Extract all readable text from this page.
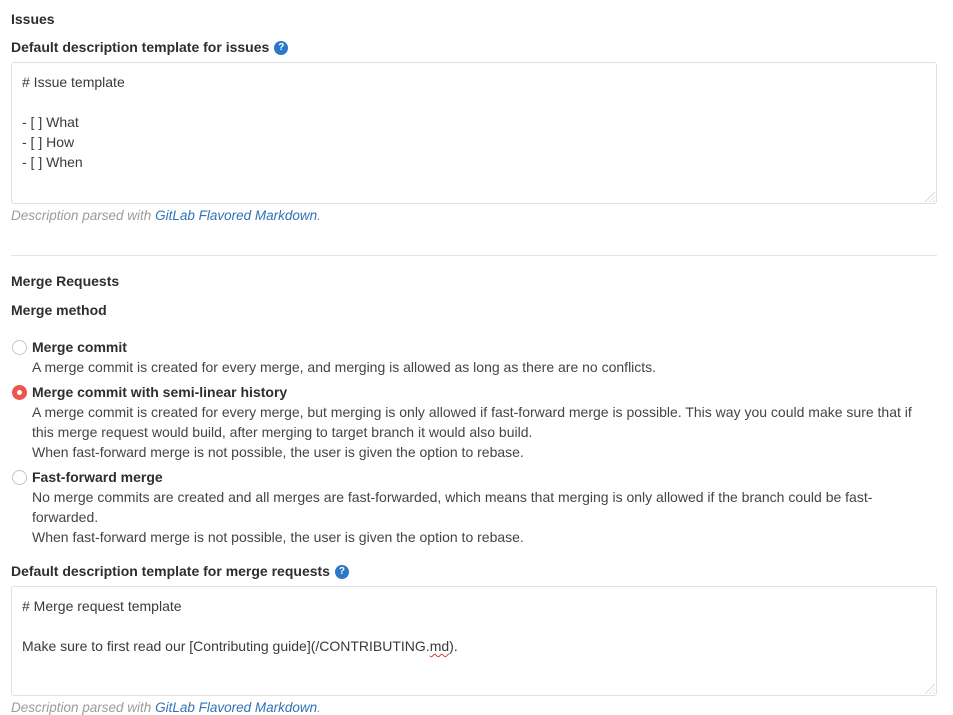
Issues
Default description template for issues ?
# Issue template
- [ ] What
- [ ] How
- [ ] When
Description parsed with GitLab Flavored Markdown.
Merge Requests
Merge method
Merge commit
A merge commit is created for every merge, and merging is allowed as long as there are no conflicts.
Merge commit with semi-linear history
A merge commit is created for every merge, but merging is only allowed if fast-forward merge is possible. This way you could make sure that if this merge request would build, after merging to target branch it would also build.
When fast-forward merge is not possible, the user is given the option to rebase.
Fast-forward merge
No merge commits are created and all merges are fast-forwarded, which means that merging is only allowed if the branch could be fast-forwarded.
When fast-forward merge is not possible, the user is given the option to rebase.
Default description template for merge requests ?
# Merge request template
Make sure to first read our [Contributing guide](/CONTRIBUTING.md).
Description parsed with GitLab Flavored Markdown.
